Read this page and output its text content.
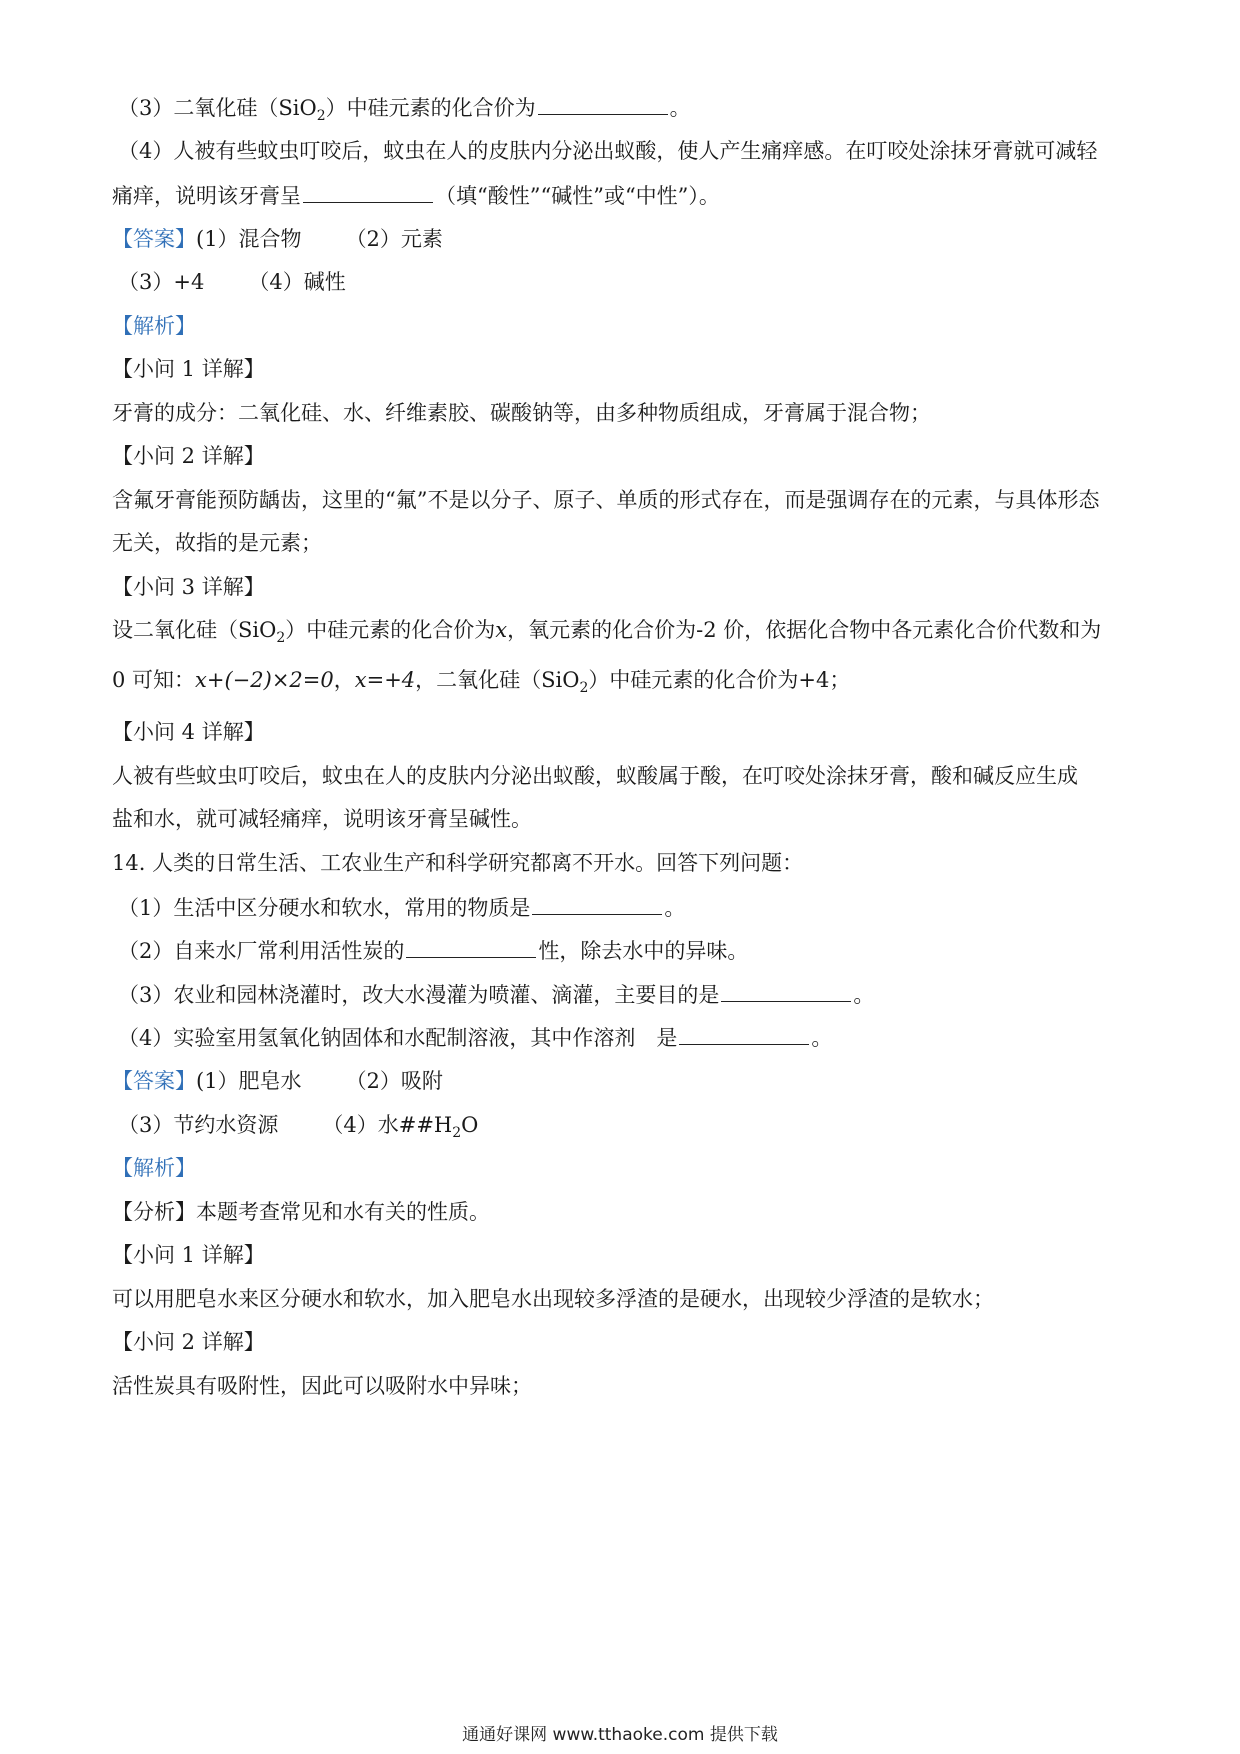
（3）二氧化硅（SiO$_2$）中硅元素的化合价为	。
（4）人被有些蚊虫叮咬后，蚊虫在人的皮肤内分泌出蚁酸，使人产生痛痒感。在叮咬处涂抹牙膏就可减轻
痛痒，说明该牙膏呈	（填“酸性”“碱性”或“中性”）。
【答案】(1）混合物 （2）元素
（3）+4 （4）碱性
【解析】
【小问 1 详解】
牙膏的成分：二氧化硅、水、纤维素胶、碳酸钠等，由多种物质组成，牙膏属于混合物；
【小问 2 详解】
含氟牙膏能预防龋齿，这里的“氟”不是以分子、原子、单质的形式存在，而是强调存在的元素，与具体形态
无关，故指的是元素；
【小问 3 详解】
设二氧化硅（SiO$_2$）中硅元素的化合价为x，氧元素的化合价为-2 价，依据化合物中各元素化合价代数和为
0 可知：x+(−2)×2=0，x=+4，二氧化硅（SiO$_2$）中硅元素的化合价为+4；
【小问 4 详解】
人被有些蚊虫叮咬后，蚊虫在人的皮肤内分泌出蚁酸，蚁酸属于酸，在叮咬处涂抹牙膏，酸和碱反应生成
盐和水，就可减轻痛痒，说明该牙膏呈碱性。
14. 人类的日常生活、工农业生产和科学研究都离不开水。回答下列问题：
（1）生活中区分硬水和软水，常用的物质是	。
（2）自来水厂常利用活性炭的	性，除去水中的异味。
（3）农业和园林浇灌时，改大水漫灌为喷灌、滴灌，主要目的是	。
（4）实验室用氢氧化钠固体和水配制溶液，其中作溶剂　是	。
【答案】(1）肥皂水 （2）吸附
（3）节约水资源 （4）水$\#\#H_2O$
【解析】
【分析】本题考查常见和水有关的性质。
【小问 1 详解】
可以用肥皂水来区分硬水和软水，加入肥皂水出现较多浮渣的是硬水，出现较少浮渣的是软水；
【小问 2 详解】
活性炭具有吸附性，因此可以吸附水中异味；
通通好课网 www.tthaoke.com 提供下载
